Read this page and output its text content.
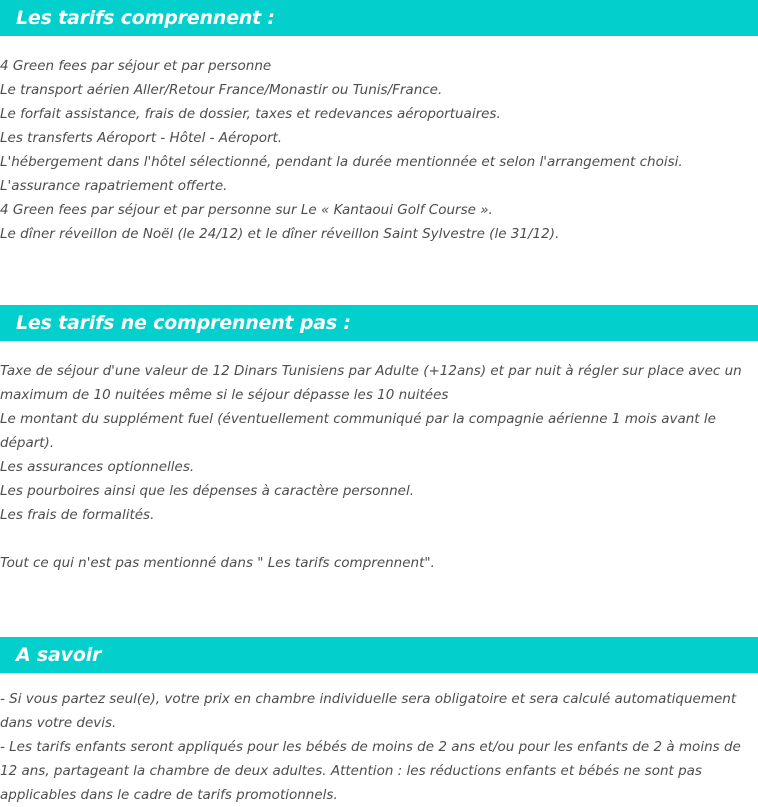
Les tarifs comprennent :

4 Green fees par séjour et par personne

Le transport aérien Aller/Retour France/Monastir ou Tunis/France.

Le forfait assistance, frais de dossier, taxes et redevances aéroportuaires.

Les transferts Aéroport - Hôtel - Aéroport.

L'hébergement dans l'hôtel sélectionné, pendant la durée mentionnée et selon l'arrangement choisi.

L'assurance rapatriement offerte.

4 Green fees par séjour et par personne sur Le « Kantaoui Golf Course ».

Le dîner réveillon de Noël (le 24/12) et le dîner réveillon Saint Sylvestre (le 31/12).

Les tarifs ne comprennent pas :

Taxe de séjour d'une valeur de 12 Dinars Tunisiens par Adulte (+12ans) et par nuit à régler sur place avec un maximum de 10 nuitées même si le séjour dépasse les 10 nuitées

Le montant du supplément fuel (éventuellement communiqué par la compagnie aérienne 1 mois avant le départ).

Les assurances optionnelles.

Les pourboires ainsi que les dépenses à caractère personnel.

Les frais de formalités.

Tout ce qui n'est pas mentionné dans " Les tarifs comprennent".

A savoir

- Si vous partez seul(e), votre prix en chambre individuelle sera obligatoire et sera calculé automatiquement dans votre devis.

- Les tarifs enfants seront appliqués pour les bébés de moins de 2 ans et/ou pour les enfants de 2 à moins de 12 ans, partageant la chambre de deux adultes. Attention : les réductions enfants et bébés ne sont pas applicables dans le cadre de tarifs promotionnels.
